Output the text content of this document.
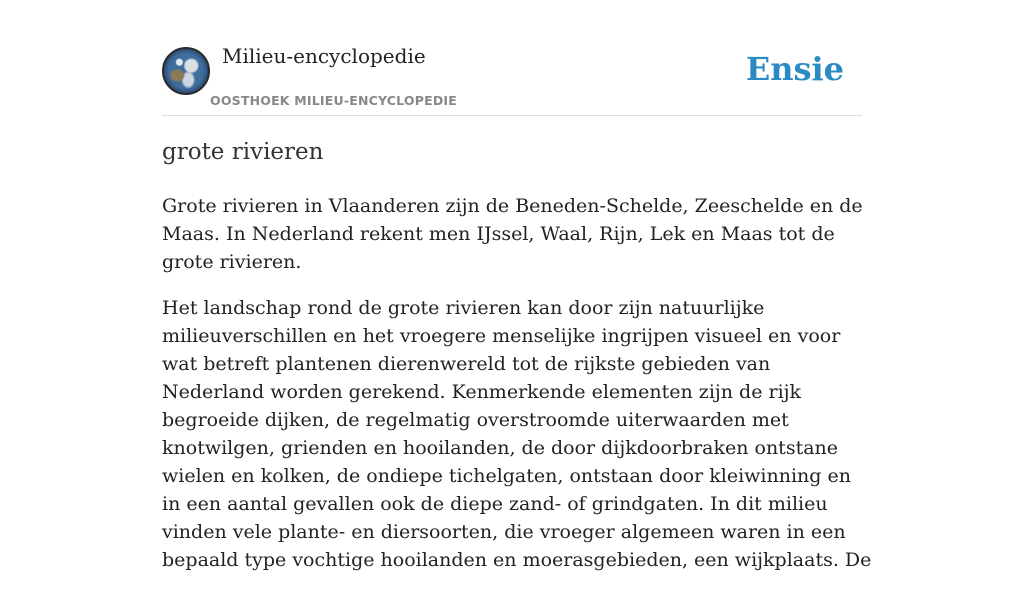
Milieu-encyclopedie
OOSTHOEK MILIEU-ENCYCLOPEDIE
Ensie
grote rivieren

Grote rivieren in Vlaanderen zijn de Beneden-Schelde, Zeeschelde en de Maas. In Nederland rekent men IJssel, Waal, Rijn, Lek en Maas tot de grote rivieren.

Het landschap rond de grote rivieren kan door zijn natuurlijke milieuverschillen en het vroegere menselijke ingrijpen visueel en voor wat betreft plantenen dierenwereld tot de rijkste gebieden van Nederland worden gerekend. Kenmerkende elementen zijn de rijk begroeide dijken, de regelmatig overstroomde uiterwaarden met knotwilgen, grienden en hooilanden, de door dijkdoorbraken ontstane wielen en kolken, de ondiepe tichelgaten, ontstaan door kleiwinning en in een aantal gevallen ook de diepe zand- of grindgaten. In dit milieu vinden vele plante- en diersoorten, die vroeger algemeen waren in een bepaald type vochtige hooilanden en moerasgebieden, een wijkplaats. De
